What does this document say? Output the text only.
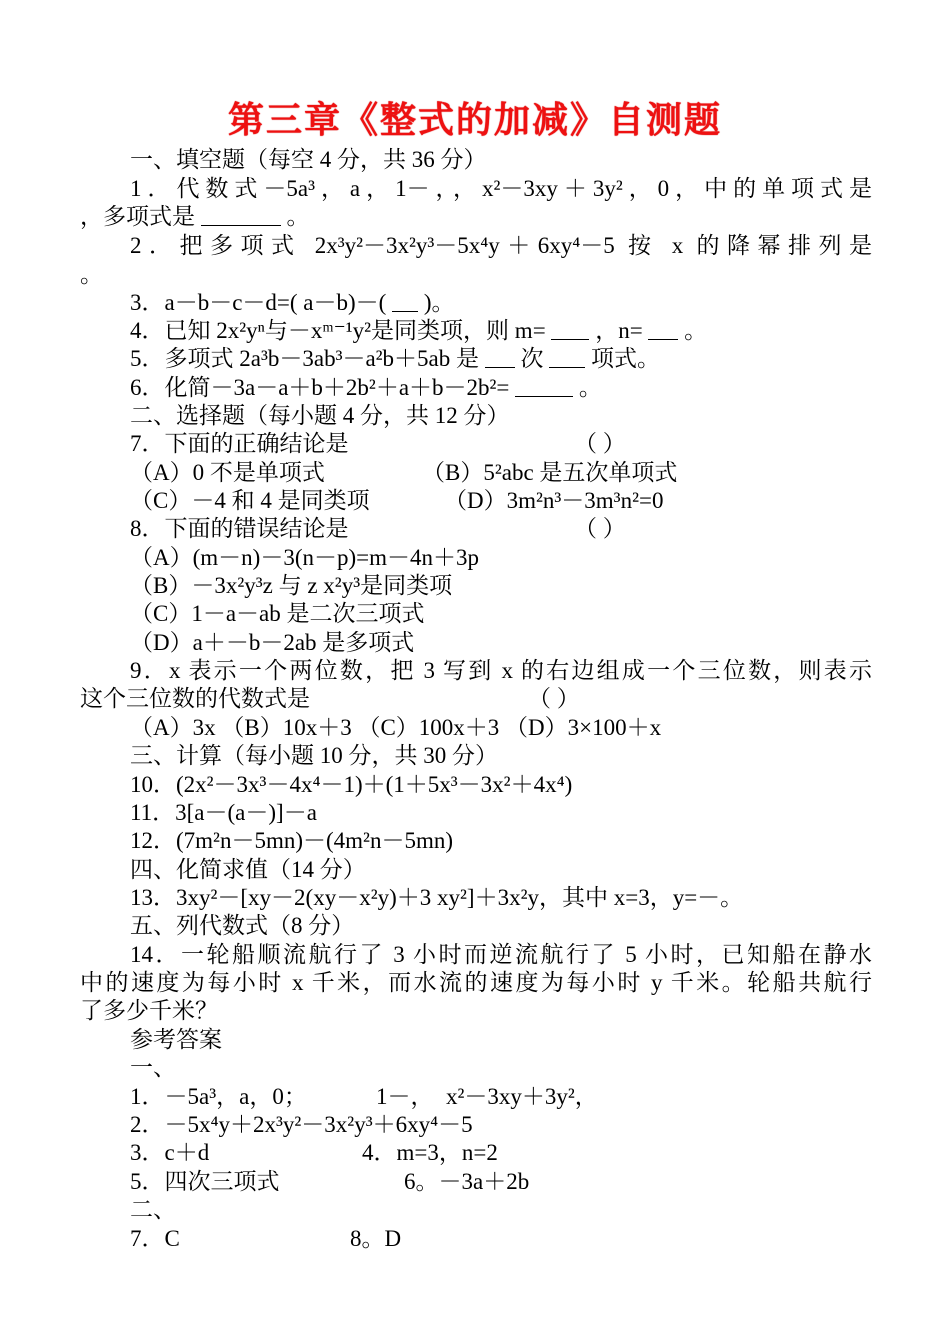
第三章《整式的加减》自测题
一、填空题（每空 4 分，共 36 分）
1．代数式－5a³，a，1－，，x²－3xy＋3y²，0，中的单项式是
，多项式是	。
2．把多项式 2x³y²－3x²y³－5x⁴y＋6xy⁴－5 按 x 的降幂排列是
。
3．a－b－c－d=( a－b)－( )。
4．已知 2x²yⁿ与－xᵐ⁻¹y²是同类项，则 m= ，n= 。
5．多项式 2a³b－3ab³－a²b＋5ab 是 次 项式。
6．化简－3a－a＋b＋2b²＋a＋b－2b²=	。
二、选择题（每小题 4 分，共 12 分）
7．下面的正确结论是	（ ）
（A）0 不是单项式	（B）5²abc 是五次单项式
（C）－4 和 4 是同类项	（D）3m²n³－3m³n²=0
8．下面的错误结论是	（ ）
（A）(m－n)－3(n－p)=m－4n＋3p
（B）－3x²y³z 与 z x²y³是同类项
（C）1－a－ab 是二次三项式
（D）a＋－b－2ab 是多项式
9．x 表示一个两位数，把 3 写到 x 的右边组成一个三位数，则表示
这个三位数的代数式是	（ ）
（A）3x （B）10x＋3 （C）100x＋3 （D）3×100＋x
三、计算（每小题 10 分，共 30 分）
10．(2x²－3x³－4x⁴－1)＋(1＋5x³－3x²＋4x⁴)
11．3[a－(a－)]－a
12．(7m²n－5mn)－(4m²n－5mn)
四、化简求值（14 分）
13．3xy²－[xy－2(xy－x²y)＋3 xy²]＋3x²y，其中 x=3，y=－。
五、列代数式（8 分）
14．一轮船顺流航行了 3 小时而逆流航行了 5 小时，已知船在静水
中的速度为每小时 x 千米，而水流的速度为每小时 y 千米。轮船共航行
了多少千米？
参考答案
一、
1．－5a³，a，0；	1－， x²－3xy＋3y²，
2．－5x⁴y＋2x³y²－3x²y³＋6xy⁴－5
3．c＋d	4．m=3，n=2
5．四次三项式	6。－3a＋2b
二、
7．C	8。D
